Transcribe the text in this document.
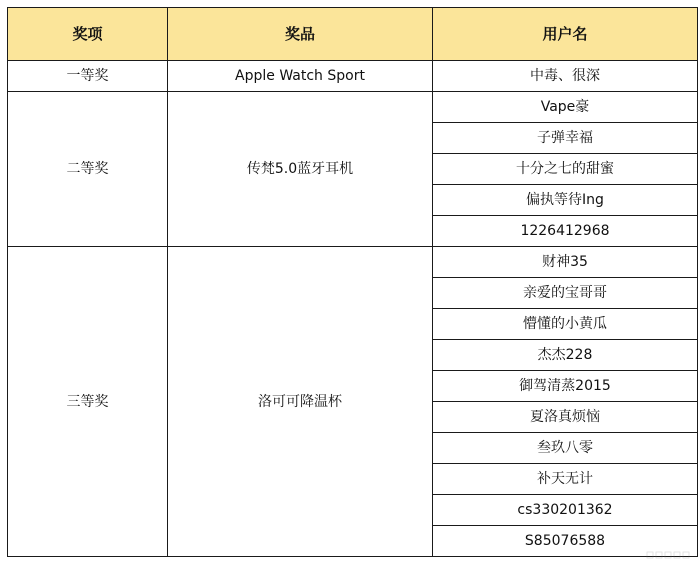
奖项	奖品	用户名
一等奖	Apple Watch Sport	中毒、很深
二等奖	传梵5.0蓝牙耳机	Vape豪
		子弹幸福
		十分之七的甜蜜
		偏执等待Ing
		1226412968
三等奖	洛可可降温杯	财神35
		亲爱的宝哥哥
		懵懂的小黄瓜
		杰杰228
		御驾清蒸2015
		夏洛真烦恼
		叁玖八零
		补天无计
		cs330201362
		S85076588
